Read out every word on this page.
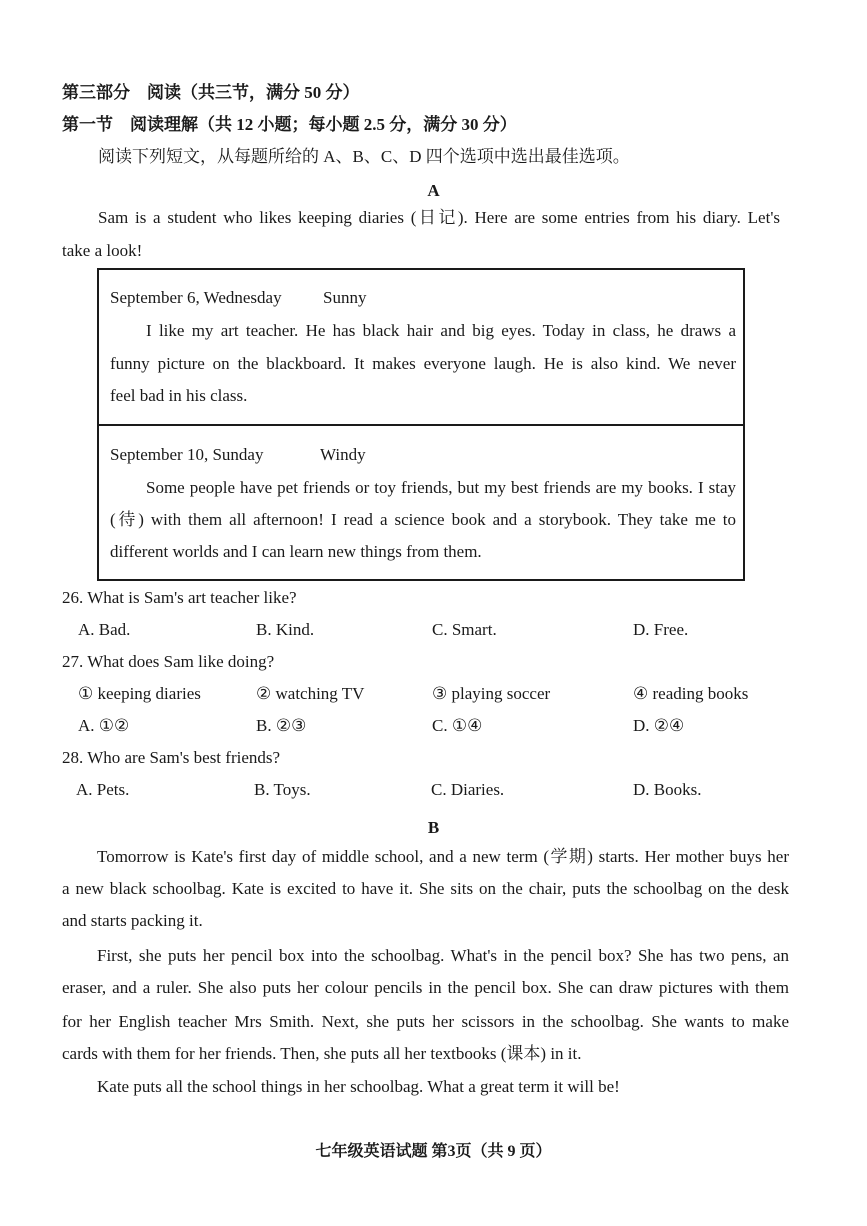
第三部分　阅读（共三节，满分 50 分）
第一节　阅读理解（共 12 小题；每小题 2.5 分，满分 30 分）
阅读下列短文，从每题所给的 A、B、C、D 四个选项中选出最佳选项。
A
Sam is a student who likes keeping diaries (日记). Here are some entries from his diary. Let's
take a look!
September 6, Wednesday Sunny
I like my art teacher. He has black hair and big eyes. Today in class, he draws a
funny picture on the blackboard. It makes everyone laugh. He is also kind. We never
feel bad in his class.
September 10, Sunday	Windy
Some people have pet friends or toy friends, but my best friends are my books. I stay
(待) with them all afternoon! I read a science book and a storybook. They take me to
different worlds and I can learn new things from them.
26. What is Sam's art teacher like?
A. Bad.	B. Kind.	C. Smart.	D. Free.
27. What does Sam like doing?
① keeping diaries	② watching TV	③ playing soccer	④ reading books
A. ①②	B. ②③	C. ①④	D. ②④
28. Who are Sam's best friends?
A. Pets.	B. Toys.	C. Diaries.	D. Books.
B
Tomorrow is Kate's first day of middle school, and a new term (学期) starts. Her mother buys her
a new black schoolbag. Kate is excited to have it. She sits on the chair, puts the schoolbag on the desk
and starts packing it.
First, she puts her pencil box into the schoolbag. What's in the pencil box? She has two pens, an
eraser, and a ruler. She also puts her colour pencils in the pencil box. She can draw pictures with them
for her English teacher Mrs Smith. Next, she puts her scissors in the schoolbag. She wants to make
cards with them for her friends. Then, she puts all her textbooks (课本) in it.
Kate puts all the school things in her schoolbag. What a great term it will be!
七年级英语试题 第3页（共 9 页）
